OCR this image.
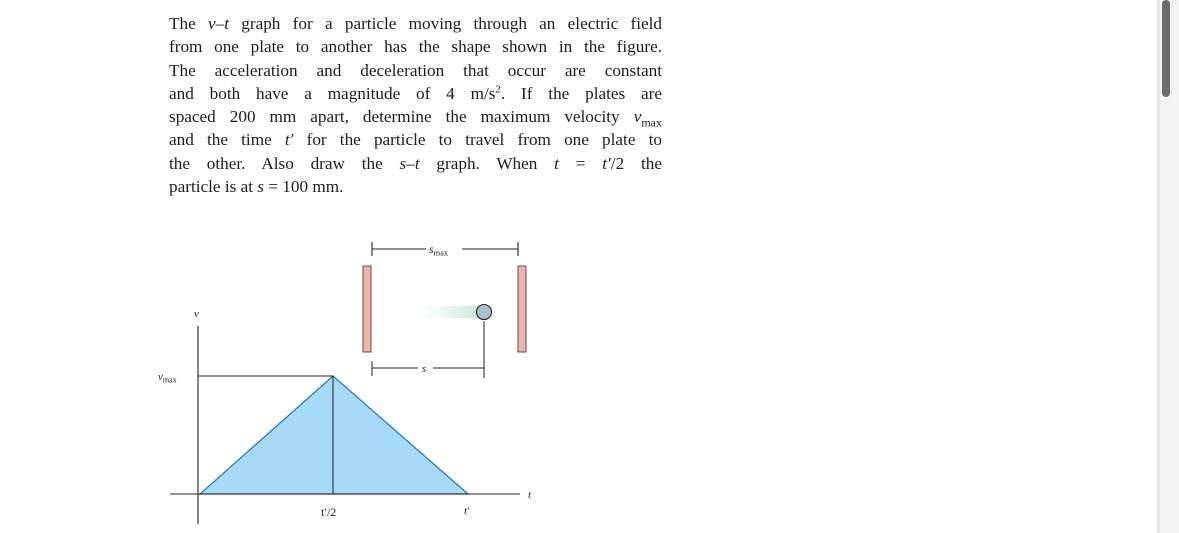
The v–t graph for a particle moving through an electric field
from one plate to another has the shape shown in the figure.
The acceleration and deceleration that occur are constant
and both have a magnitude of 4 $m/s^2$. If the plates are
spaced 200 mm apart, determine the maximum velocity $v_{max}$
and the time t′ for the particle to travel from one plate to
the other. Also draw the s–t graph. When t = t′/2 the
particle is at s = 100 mm.
$s_{max}$
s
v
$v_{max}$
t
t′/2	t′
